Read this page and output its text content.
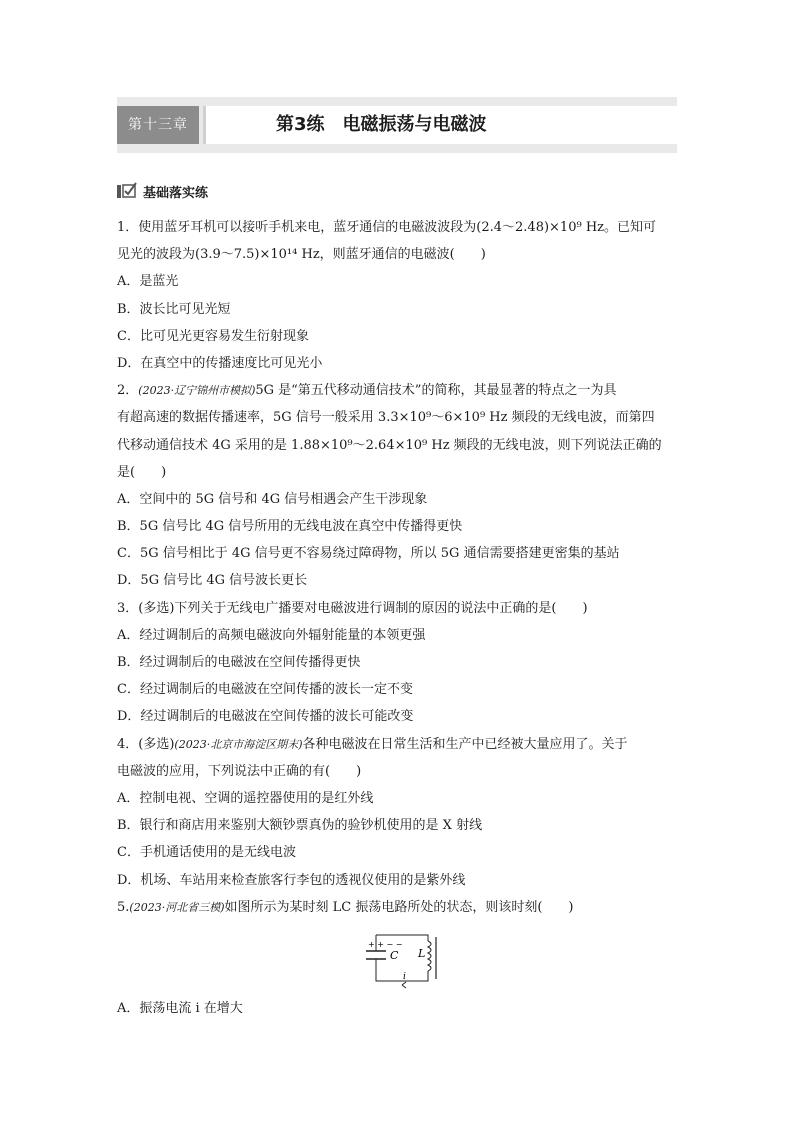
第十三章	第3练　电磁振荡与电磁波
基础落实练
1．使用蓝牙耳机可以接听手机来电，蓝牙通信的电磁波波段为(2.4～2.48)×10⁹ Hz。已知可
见光的波段为(3.9～7.5)×10¹⁴ Hz，则蓝牙通信的电磁波(　　)
A．是蓝光
B．波长比可见光短
C．比可见光更容易发生衍射现象
D．在真空中的传播速度比可见光小
2．(2023·辽宁锦州市模拟)5G 是“第五代移动通信技术”的简称，其最显著的特点之一为具
有超高速的数据传播速率，5G 信号一般采用 3.3×10⁹～6×10⁹ Hz 频段的无线电波，而第四
代移动通信技术 4G 采用的是 1.88×10⁹～2.64×10⁹ Hz 频段的无线电波，则下列说法正确的
是(　　)
A．空间中的 5G 信号和 4G 信号相遇会产生干涉现象
B．5G 信号比 4G 信号所用的无线电波在真空中传播得更快
C．5G 信号相比于 4G 信号更不容易绕过障碍物，所以 5G 通信需要搭建更密集的基站
D．5G 信号比 4G 信号波长更长
3．(多选)下列关于无线电广播要对电磁波进行调制的原因的说法中正确的是(　　)
A．经过调制后的高频电磁波向外辐射能量的本领更强
B．经过调制后的电磁波在空间传播得更快
C．经过调制后的电磁波在空间传播的波长一定不变
D．经过调制后的电磁波在空间传播的波长可能改变
4．(多选)(2023·北京市海淀区期末)各种电磁波在日常生活和生产中已经被大量应用了。关于
电磁波的应用，下列说法中正确的有(　　)
A．控制电视、空调的遥控器使用的是红外线
B．银行和商店用来鉴别大额钞票真伪的验钞机使用的是 X 射线
C．手机通话使用的是无线电波
D．机场、车站用来检查旅客行李包的透视仪使用的是紫外线
5.(2023·河北省三模)如图所示为某时刻 LC 振荡电路所处的状态，则该时刻(　　)
+ + − −
C L
i
A．振荡电流 i 在增大
